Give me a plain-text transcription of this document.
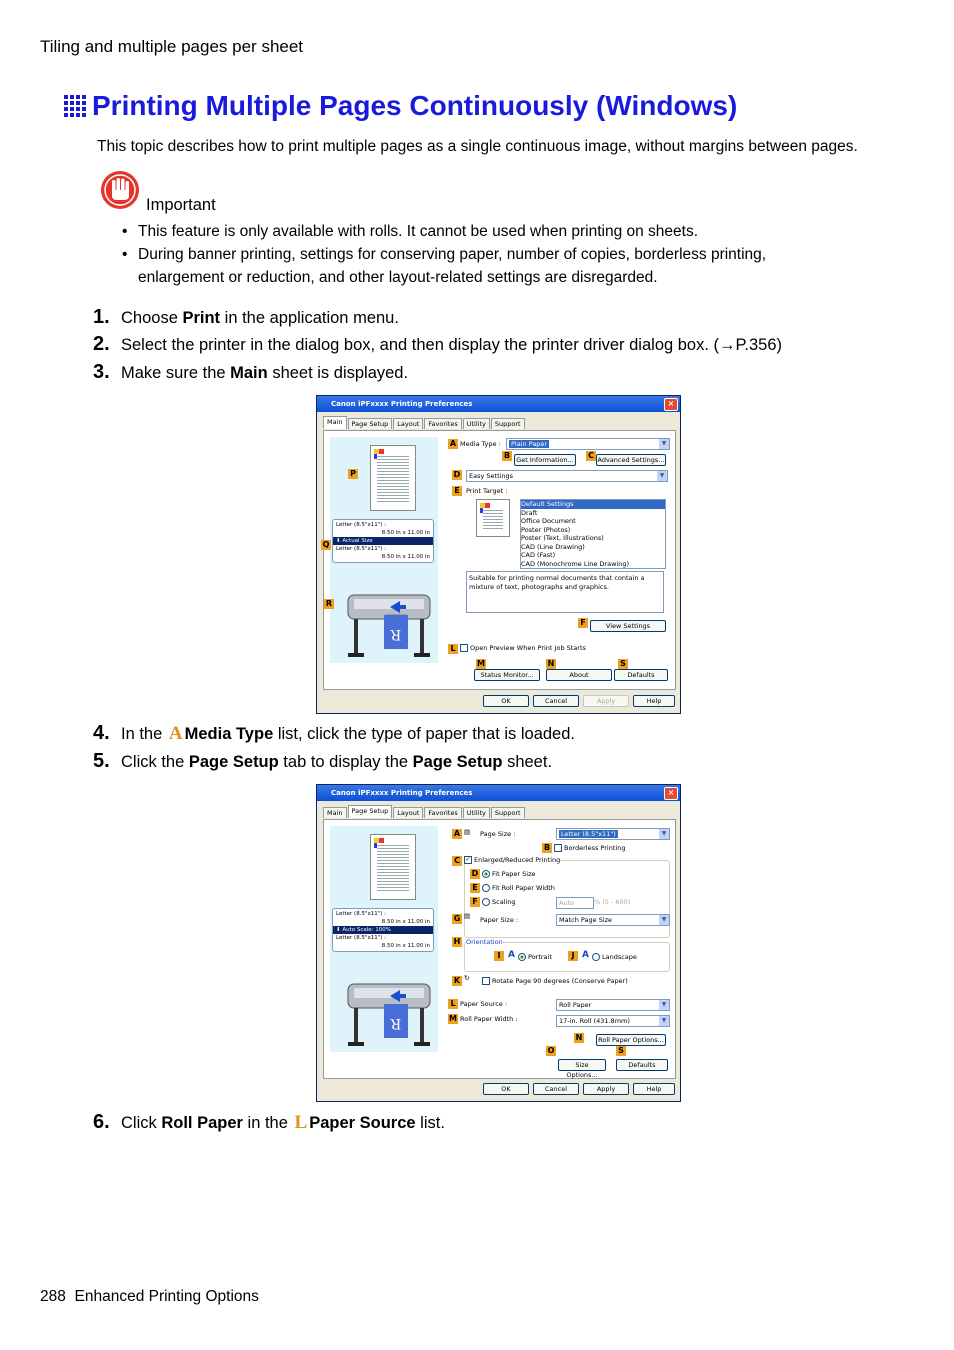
Tiling and multiple pages per sheet
Printing Multiple Pages Continuously (Windows)
This topic describes how to print multiple pages as a single continuous image, without margins between pages.
Important
• This feature is only available with rolls. It cannot be used when printing on sheets.
• During banner printing, settings for conserving paper, number of copies, borderless printing, enlargement or reduction, and other layout-related settings are disregarded.
1. Choose Print in the application menu.
2. Select the printer in the dialog box, and then display the printer driver dialog box. (→P.356)
3. Make sure the Main sheet is displayed.
Canon iPFxxxx Printing Preferences	×
Main	Page Setup	Layout	Favorites	Utility	Support
Letter (8.5"x11") :
8.50 in x 11.00 in
⬇ Actual Size
Letter (8.5"x11") :
8.50 in x 11.00 in
R
P
Q
R
A Media Type :	Plain Paper	▼
B Get Information... C Advanced Settings...
D	Easy Settings	▼
E Print Target :
Default Settings
Draft
Office Document
Poster (Photos)
Poster (Text, Illustrations)
CAD (Line Drawing)
CAD (Fast)
CAD (Monochrome Line Drawing)
Suitable for printing normal documents that contain a mixture of text, photographs and graphics.
F	View Settings
L	Open Preview When Print Job Starts
M	N	S
Status Monitor...	About	Defaults
OK	Cancel	Apply	Help
4. In the A Media Type list, click the type of paper that is loaded.
5. Click the Page Setup tab to display the Page Setup sheet.
Canon iPFxxxx Printing Preferences	×
Main	Page Setup	Layout	Favorites	Utility	Support
Letter (8.5"x11") :
8.50 in x 11.00 in
⬇ Auto Scale: 100%
Letter (8.5"x11") :
8.50 in x 11.00 in
R
A ▤ Page Size :	Letter (8.5"x11")	▼
B	Borderless Printing
C ✓ Enlarged/Reduced Printing
D	Fit Paper Size
E	Fit Roll Paper Width
F	Scaling	Auto	% (5 - 600)
G ▤ Paper Size :	Match Page Size	▼
H Orientation
I A	Portrait	J A	Landscape
K ↻	Rotate Page 90 degrees (Conserve Paper)
L Paper Source :	Roll Paper	▼
M Roll Paper Width :	17-in. Roll (431.8mm)	▼
N	Roll Paper Options...
O	S
Size Options...
Defaults
OK	Cancel	Apply	Help
6. Click Roll Paper in the L Paper Source list.
288 Enhanced Printing Options
